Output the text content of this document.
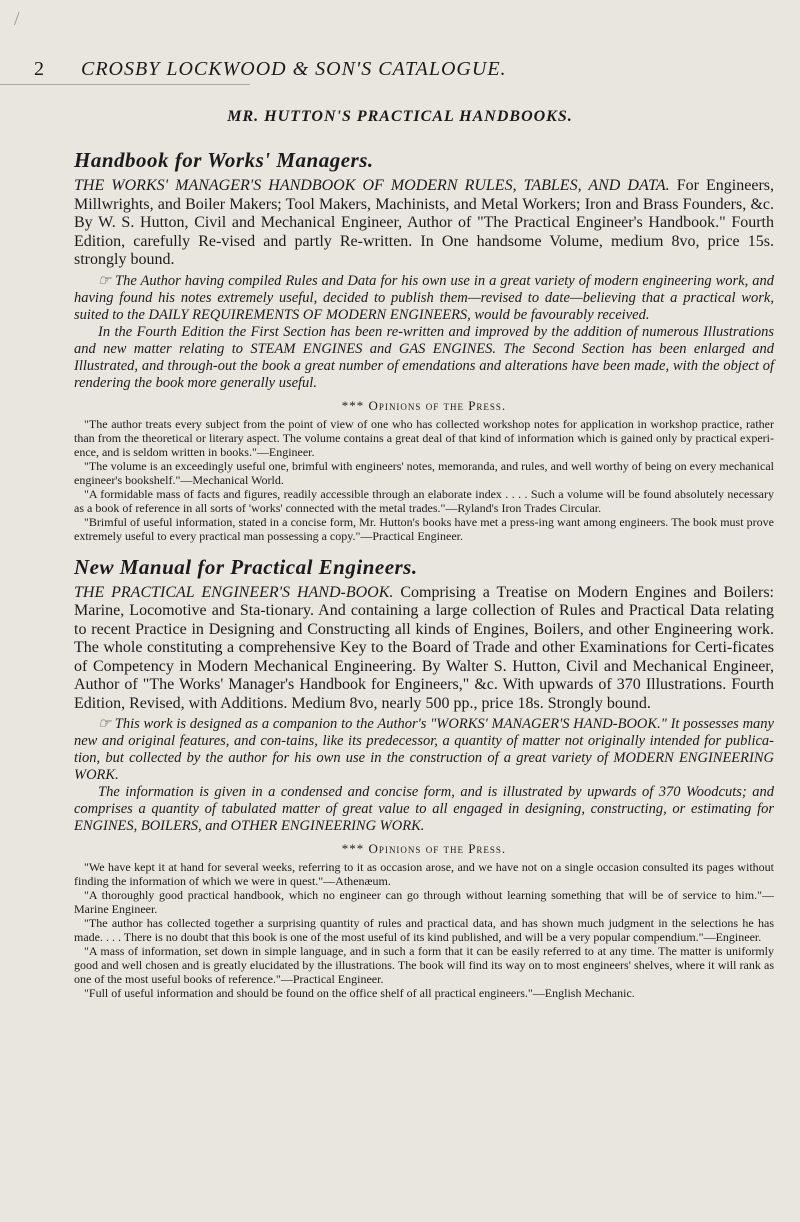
/
2 CROSBY LOCKWOOD & SON'S CATALOGUE.
MR. HUTTON'S PRACTICAL HANDBOOKS.
Handbook for Works' Managers.

THE WORKS' MANAGER'S HANDBOOK OF MODERN RULES, TABLES, AND DATA. For Engineers, Millwrights, and Boiler Makers; Tool Makers, Machinists, and Metal Workers; Iron and Brass Founders, &c. By W. S. Hutton, Civil and Mechanical Engineer, Author of "The Practical Engineer's Handbook." Fourth Edition, carefully Re-vised and partly Re-written. In One handsome Volume, medium 8vo, price 15s. strongly bound.

☞ The Author having compiled Rules and Data for his own use in a great variety of modern engineering work, and having found his notes extremely useful, decided to publish them—revised to date—believing that a practical work, suited to the DAILY REQUIREMENTS OF MODERN ENGINEERS, would be favourably received.

In the Fourth Edition the First Section has been re-written and improved by the addition of numerous Illustrations and new matter relating to STEAM ENGINES and GAS ENGINES. The Second Section has been enlarged and Illustrated, and through-out the book a great number of emendations and alterations have been made, with the object of rendering the book more generally useful.

*** Opinions of the Press.

"The author treats every subject from the point of view of one who has collected workshop notes for application in workshop practice, rather than from the theoretical or literary aspect. The volume contains a great deal of that kind of information which is gained only by practical experi-ence, and is seldom written in books."—Engineer.

"The volume is an exceedingly useful one, brimful with engineers' notes, memoranda, and rules, and well worthy of being on every mechanical engineer's bookshelf."—Mechanical World.

"A formidable mass of facts and figures, readily accessible through an elaborate index . . . . Such a volume will be found absolutely necessary as a book of reference in all sorts of 'works' connected with the metal trades."—Ryland's Iron Trades Circular.

"Brimful of useful information, stated in a concise form, Mr. Hutton's books have met a press-ing want among engineers. The book must prove extremely useful to every practical man possessing a copy."—Practical Engineer.

New Manual for Practical Engineers.

THE PRACTICAL ENGINEER'S HAND-BOOK. Comprising a Treatise on Modern Engines and Boilers: Marine, Locomotive and Sta-tionary. And containing a large collection of Rules and Practical Data relating to recent Practice in Designing and Constructing all kinds of Engines, Boilers, and other Engineering work. The whole constituting a comprehensive Key to the Board of Trade and other Examinations for Certi-ficates of Competency in Modern Mechanical Engineering. By Walter S. Hutton, Civil and Mechanical Engineer, Author of "The Works' Manager's Handbook for Engineers," &c. With upwards of 370 Illustrations. Fourth Edition, Revised, with Additions. Medium 8vo, nearly 500 pp., price 18s. Strongly bound.

☞ This work is designed as a companion to the Author's "WORKS' MANAGER'S HAND-BOOK." It possesses many new and original features, and con-tains, like its predecessor, a quantity of matter not originally intended for publica-tion, but collected by the author for his own use in the construction of a great variety of MODERN ENGINEERING WORK.

The information is given in a condensed and concise form, and is illustrated by upwards of 370 Woodcuts; and comprises a quantity of tabulated matter of great value to all engaged in designing, constructing, or estimating for ENGINES, BOILERS, and OTHER ENGINEERING WORK.

*** Opinions of the Press.

"We have kept it at hand for several weeks, referring to it as occasion arose, and we have not on a single occasion consulted its pages without finding the information of which we were in quest."—Athenæum.

"A thoroughly good practical handbook, which no engineer can go through without learning something that will be of service to him."—Marine Engineer.

"The author has collected together a surprising quantity of rules and practical data, and has shown much judgment in the selections he has made. . . . There is no doubt that this book is one of the most useful of its kind published, and will be a very popular compendium."—Engineer.

"A mass of information, set down in simple language, and in such a form that it can be easily referred to at any time. The matter is uniformly good and well chosen and is greatly elucidated by the illustrations. The book will find its way on to most engineers' shelves, where it will rank as one of the most useful books of reference."—Practical Engineer.

"Full of useful information and should be found on the office shelf of all practical engineers."—English Mechanic.
